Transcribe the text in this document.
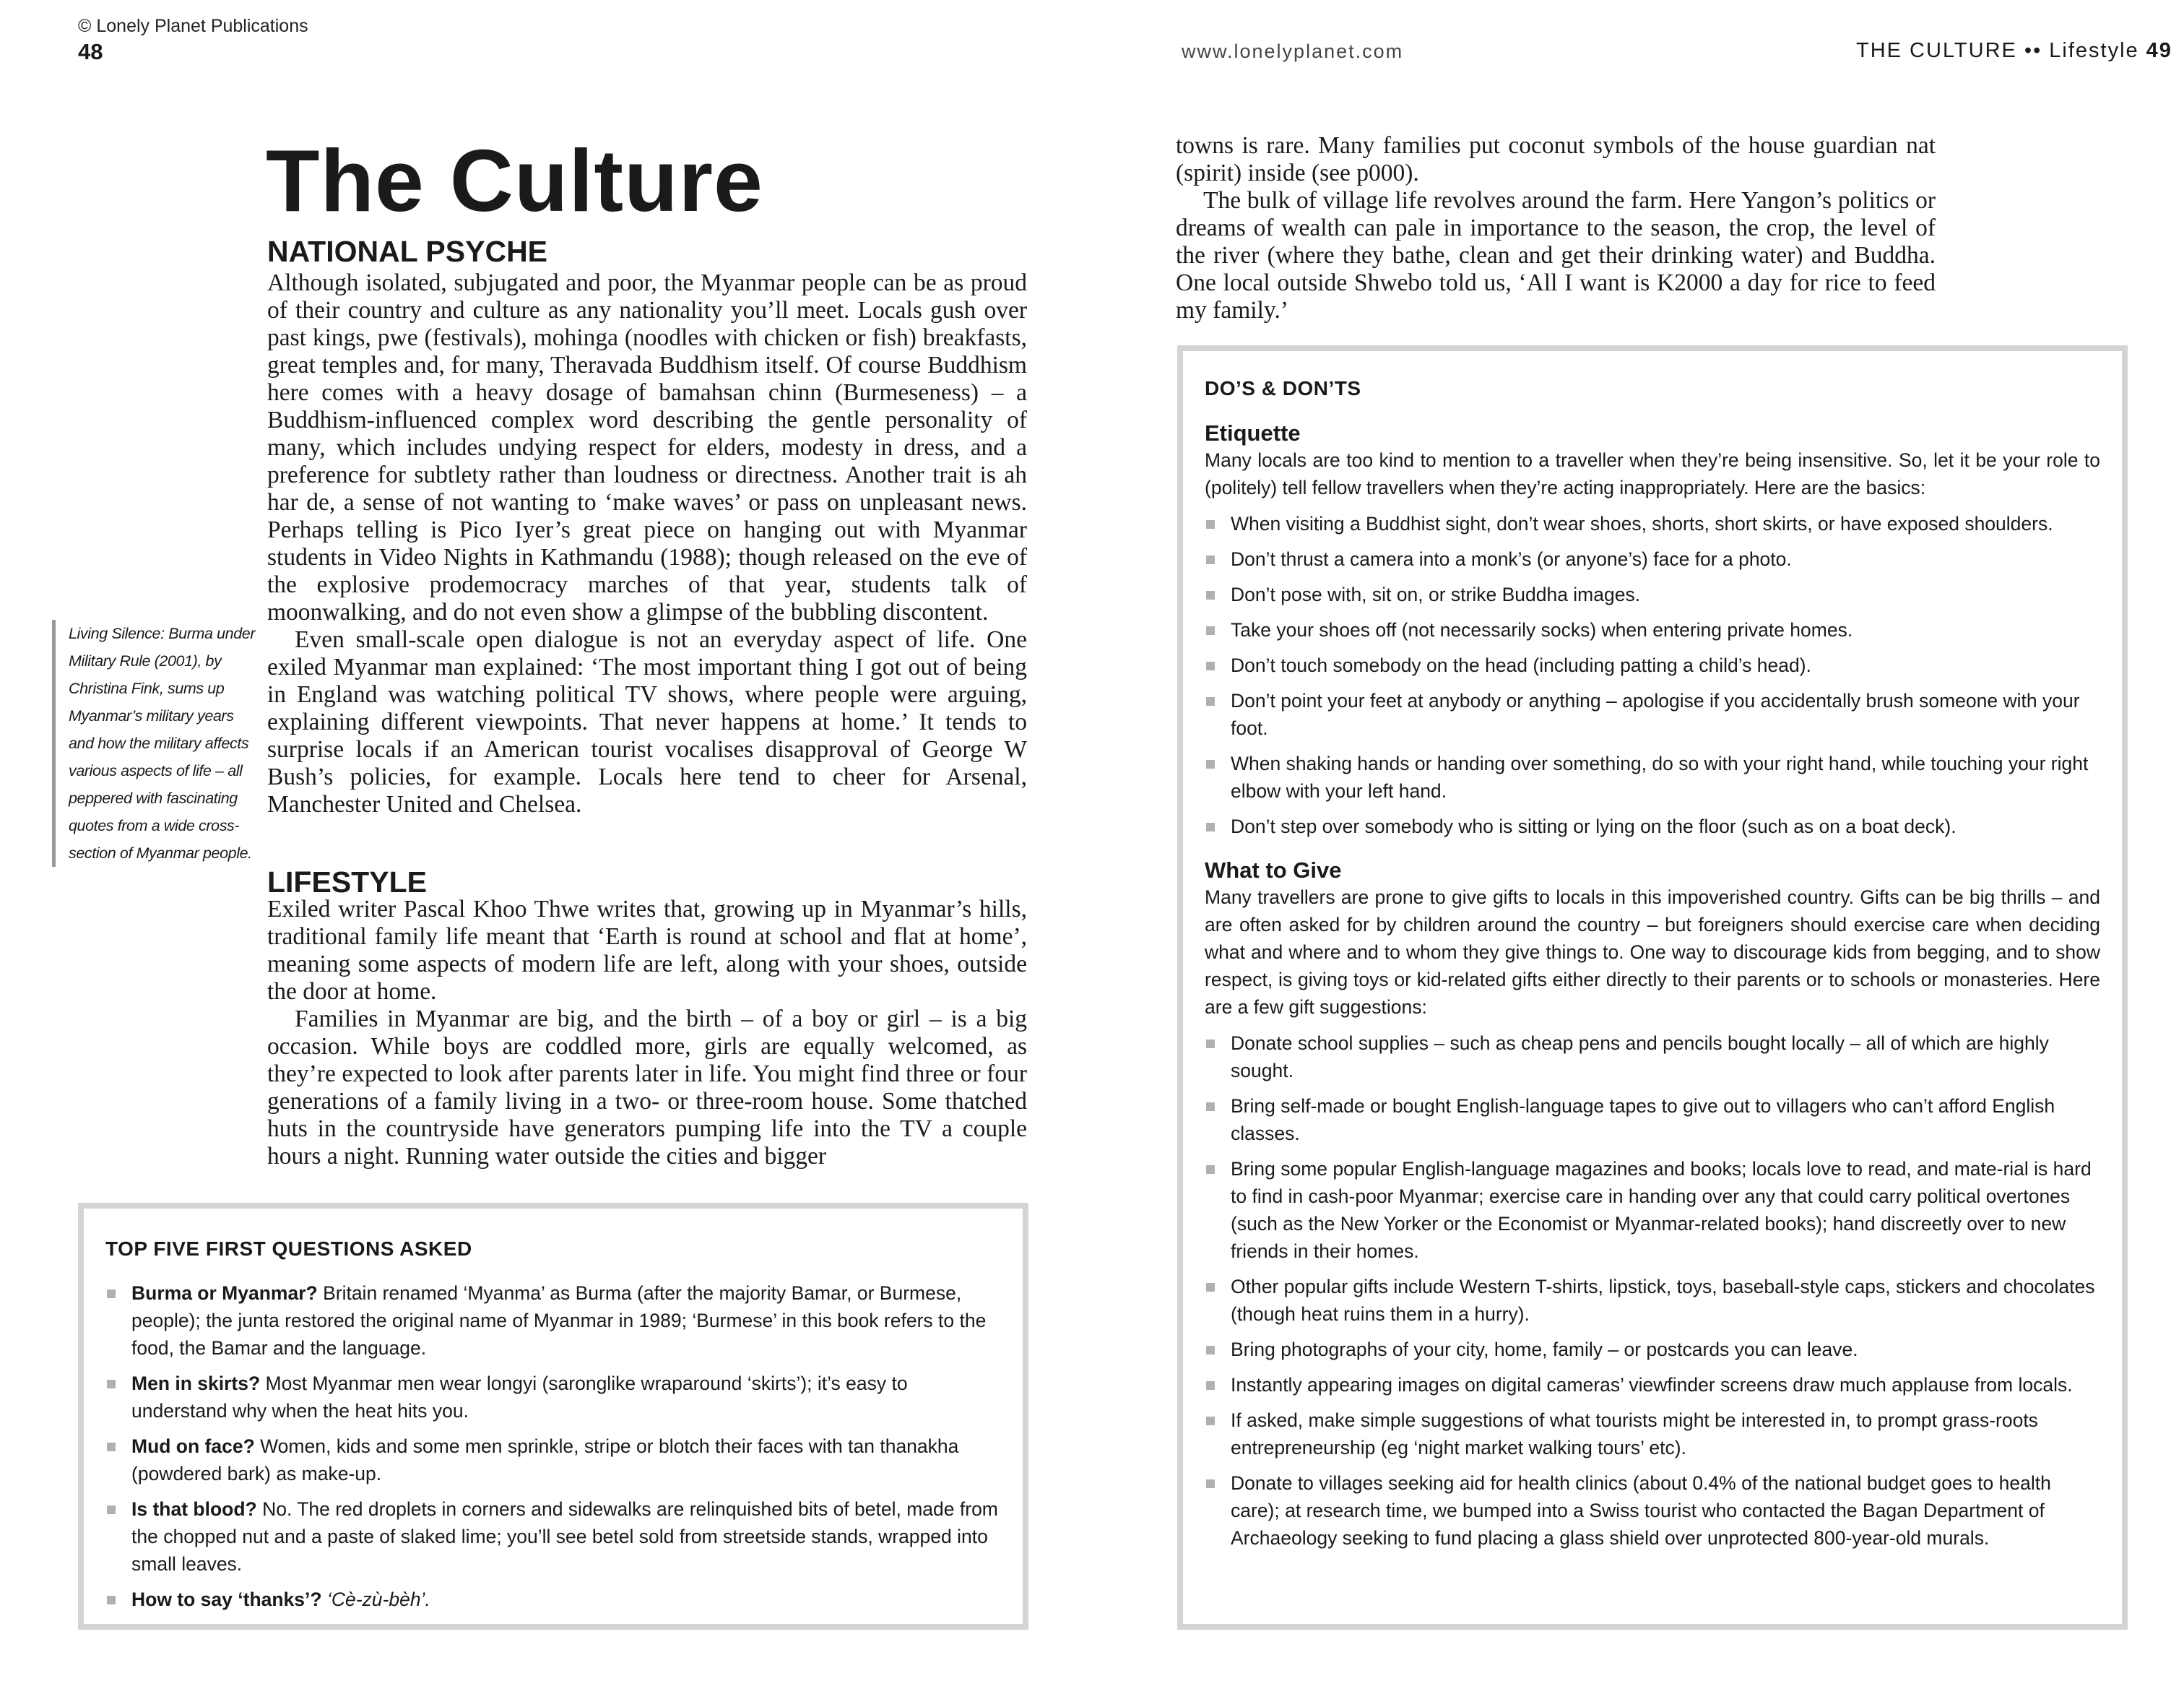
© Lonely Planet Publications
48	www.lonelyplanet.com	THE CULTURE •• Lifestyle 49
The Culture
NATIONAL PSYCHE

Although isolated, subjugated and poor, the Myanmar people can be as proud of their country and culture as any nationality you’ll meet. Locals gush over past kings, pwe (festivals), mohinga (noodles with chicken or fish) breakfasts, great temples and, for many, Theravada Buddhism itself. Of course Buddhism here comes with a heavy dosage of bamahsan chinn (Burmeseness) – a Buddhism-influenced complex word describing the gentle personality of many, which includes undying respect for elders, modesty in dress, and a preference for subtlety rather than loudness or directness. Another trait is ah har de, a sense of not wanting to ‘make waves’ or pass on unpleasant news. Perhaps telling is Pico Iyer’s great piece on hanging out with Myanmar students in Video Nights in Kathmandu (1988); though released on the eve of the explosive prodemocracy marches of that year, students talk of moonwalking, and do not even show a glimpse of the bubbling discontent.

Even small-scale open dialogue is not an everyday aspect of life. One exiled Myanmar man explained: ‘The most important thing I got out of being in England was watching political TV shows, where people were arguing, explaining different viewpoints. That never happens at home.’ It tends to surprise locals if an American tourist vocalises disapproval of George W Bush’s policies, for example. Locals here tend to cheer for Arsenal, Manchester United and Chelsea.

Living Silence: Burma under Military Rule (2001), by Christina Fink, sums up Myanmar’s military years and how the military affects various aspects of life – all peppered with fascinating quotes from a wide cross-section of Myanmar people.
LIFESTYLE

Exiled writer Pascal Khoo Thwe writes that, growing up in Myanmar’s hills, traditional family life meant that ‘Earth is round at school and flat at home’, meaning some aspects of modern life are left, along with your shoes, outside the door at home.

Families in Myanmar are big, and the birth – of a boy or girl – is a big occasion. While boys are coddled more, girls are equally welcomed, as they’re expected to look after parents later in life. You might find three or four generations of a family living in a two- or three-room house. Some thatched huts in the countryside have generators pumping life into the TV a couple hours a night. Running water outside the cities and bigger

TOP FIVE FIRST QUESTIONS ASKED
Burma or Myanmar? Britain renamed ‘Myanma’ as Burma (after the majority Bamar, or Burmese, people); the junta restored the original name of Myanmar in 1989; ‘Burmese’ in this book refers to the food, the Bamar and the language.
Men in skirts? Most Myanmar men wear longyi (saronglike wraparound ‘skirts’); it’s easy to understand why when the heat hits you.
Mud on face? Women, kids and some men sprinkle, stripe or blotch their faces with tan thanakha (powdered bark) as make-up.
Is that blood? No. The red droplets in corners and sidewalks are relinquished bits of betel, made from the chopped nut and a paste of slaked lime; you’ll see betel sold from streetside stands, wrapped into small leaves.
How to say ‘thanks’? ‘Cè-zù-bèh’.

towns is rare. Many families put coconut symbols of the house guardian nat (spirit) inside (see p000).

The bulk of village life revolves around the farm. Here Yangon’s politics or dreams of wealth can pale in importance to the season, the crop, the level of the river (where they bathe, clean and get their drinking water) and Buddha. One local outside Shwebo told us, ‘All I want is K2000 a day for rice to feed my family.’

DO’S & DON’TS
Etiquette
Many locals are too kind to mention to a traveller when they’re being insensitive. So, let it be your role to (politely) tell fellow travellers when they’re acting inappropriately. Here are the basics:
When visiting a Buddhist sight, don’t wear shoes, shorts, short skirts, or have exposed shoulders.
Don’t thrust a camera into a monk’s (or anyone’s) face for a photo.
Don’t pose with, sit on, or strike Buddha images.
Take your shoes off (not necessarily socks) when entering private homes.
Don’t touch somebody on the head (including patting a child’s head).
Don’t point your feet at anybody or anything – apologise if you accidentally brush someone with your foot.
When shaking hands or handing over something, do so with your right hand, while touching your right elbow with your left hand.
Don’t step over somebody who is sitting or lying on the floor (such as on a boat deck).
What to Give
Many travellers are prone to give gifts to locals in this impoverished country. Gifts can be big thrills – and are often asked for by children around the country – but foreigners should exercise care when deciding what and where and to whom they give things to. One way to discourage kids from begging, and to show respect, is giving toys or kid-related gifts either directly to their parents or to schools or monasteries. Here are a few gift suggestions:
Donate school supplies – such as cheap pens and pencils bought locally – all of which are highly sought.
Bring self-made or bought English-language tapes to give out to villagers who can’t afford English classes.
Bring some popular English-language magazines and books; locals love to read, and mate-rial is hard to find in cash-poor Myanmar; exercise care in handing over any that could carry political overtones (such as the New Yorker or the Economist or Myanmar-related books); hand discreetly over to new friends in their homes.
Other popular gifts include Western T-shirts, lipstick, toys, baseball-style caps, stickers and chocolates (though heat ruins them in a hurry).
Bring photographs of your city, home, family – or postcards you can leave.
Instantly appearing images on digital cameras’ viewfinder screens draw much applause from locals.
If asked, make simple suggestions of what tourists might be interested in, to prompt grass-roots entrepreneurship (eg ‘night market walking tours’ etc).
Donate to villages seeking aid for health clinics (about 0.4% of the national budget goes to health care); at research time, we bumped into a Swiss tourist who contacted the Bagan Department of Archaeology seeking to fund placing a glass shield over unprotected 800-year-old murals.
